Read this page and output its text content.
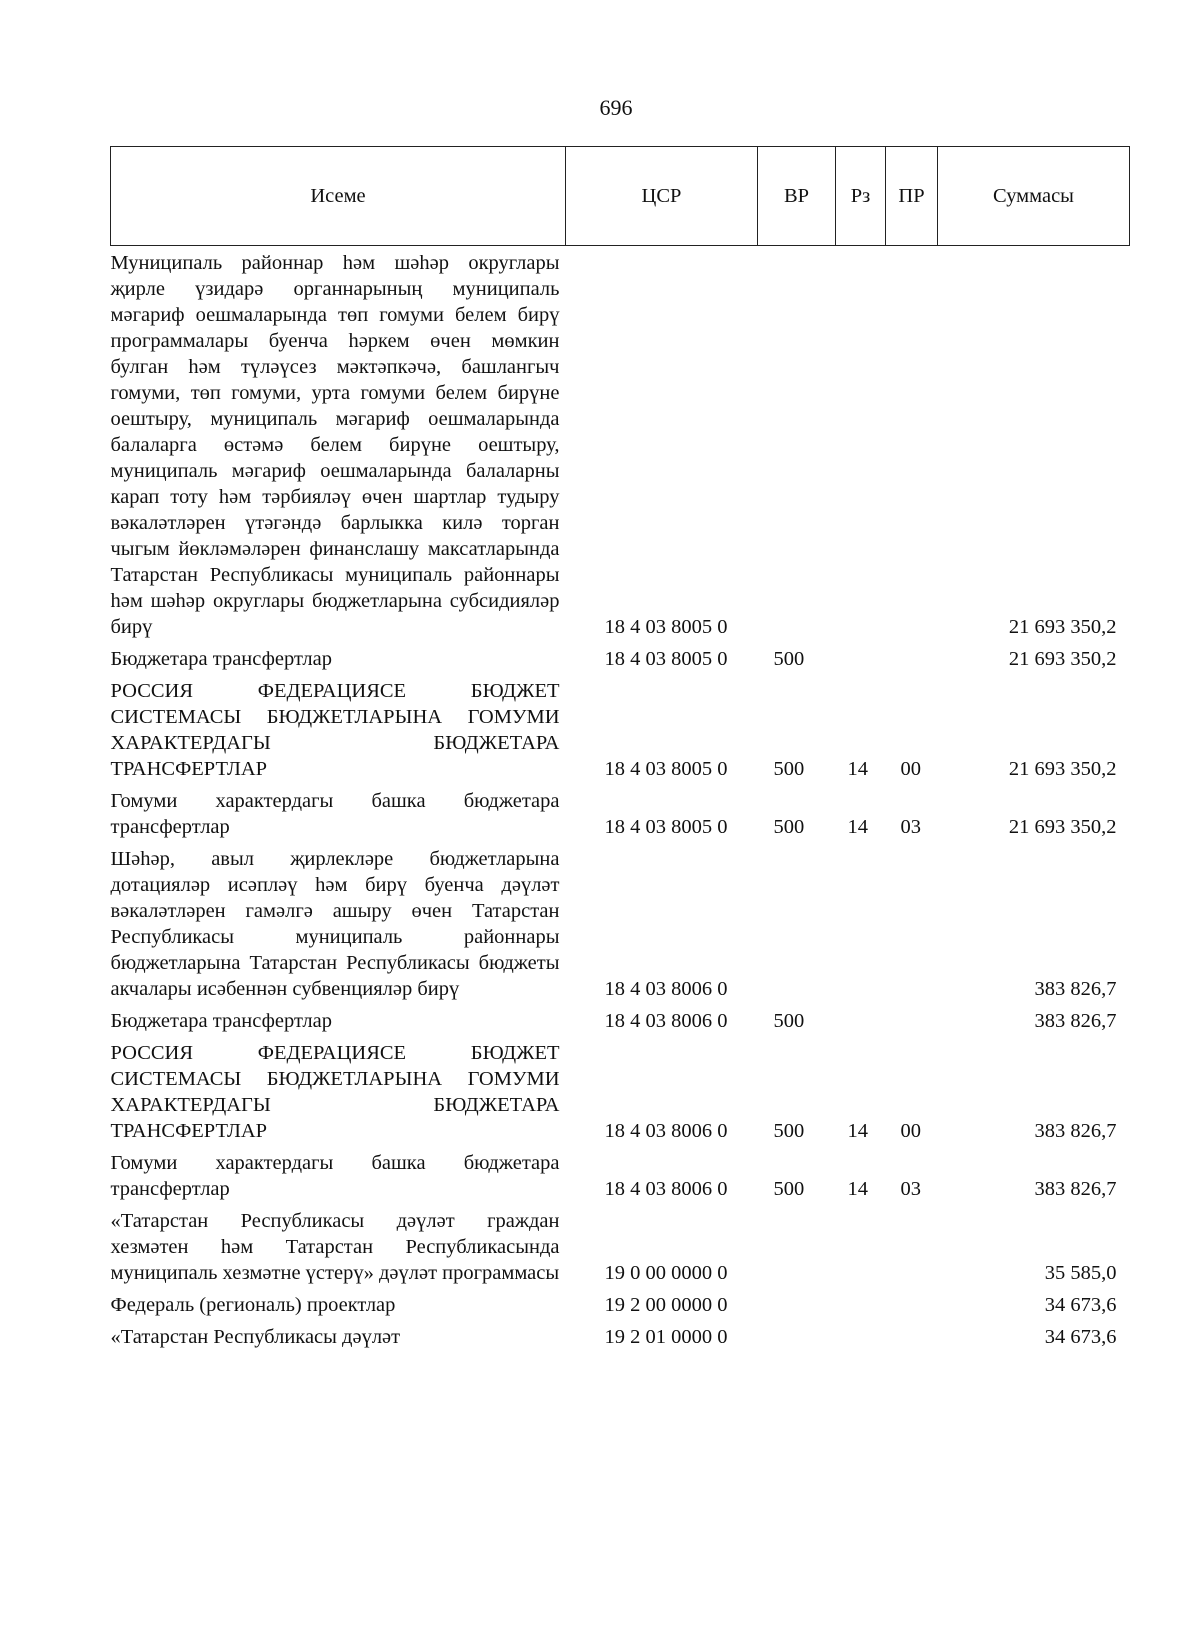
696
Исеме	ЦСР	ВР	Рз	ПР	Суммасы
Муниципаль районнар һәм шәһәр округлары җирле үзидарә органнарының муниципаль мәгариф оешмаларында төп гомуми белем бирү программалары буенча һәркем өчен мөмкин булган һәм түләүсез мәктәпкәчә, башлангыч гомуми, төп гомуми, урта гомуми белем бирүне оештыру, муниципаль мәгариф оешмаларында балаларга өстәмә белем бирүне оештыру, муниципаль мәгариф оешмаларында балаларны карап тоту һәм тәрбияләү өчен шартлар тудыру вәкаләтләрен үтәгәндә барлыкка килә торган чыгым йөкләмәләрен финанслашу максатларында Татарстан Республикасы муниципаль районнары һәм шәһәр округлары бюджетларына субсидияләр бирү	18 4 03 8005 0				21 693 350,2
Бюджетара трансфертлар	18 4 03 8005 0	500			21 693 350,2
РОССИЯ ФЕДЕРАЦИЯСЕ БЮДЖЕТ СИСТЕМАСЫ БЮДЖЕТЛАРЫНА ГОМУМИ ХАРАКТЕРДАГЫ БЮДЖЕТАРА ТРАНСФЕРТЛАР	18 4 03 8005 0	500	14	00	21 693 350,2
Гомуми характердагы башка бюджетара трансфертлар	18 4 03 8005 0	500	14	03	21 693 350,2
Шәһәр, авыл җирлекләре бюджетларына дотацияләр исәпләү һәм бирү буенча дәүләт вәкаләтләрен гамәлгә ашыру өчен Татарстан Республикасы муниципаль районнары бюджетларына Татарстан Республикасы бюджеты акчалары исәбеннән субвенцияләр бирү	18 4 03 8006 0				383 826,7
Бюджетара трансфертлар	18 4 03 8006 0	500			383 826,7
РОССИЯ ФЕДЕРАЦИЯСЕ БЮДЖЕТ СИСТЕМАСЫ БЮДЖЕТЛАРЫНА ГОМУМИ ХАРАКТЕРДАГЫ БЮДЖЕТАРА ТРАНСФЕРТЛАР	18 4 03 8006 0	500	14	00	383 826,7
Гомуми характердагы башка бюджетара трансфертлар	18 4 03 8006 0	500	14	03	383 826,7
«Татарстан Республикасы дәүләт граждан хезмәтен һәм Татарстан Республикасында муниципаль хезмәтне үстерү» дәүләт программасы	19 0 00 0000 0				35 585,0
Федераль (региональ) проектлар	19 2 00 0000 0				34 673,6
«Татарстан Республикасы дәүләт	19 2 01 0000 0				34 673,6
